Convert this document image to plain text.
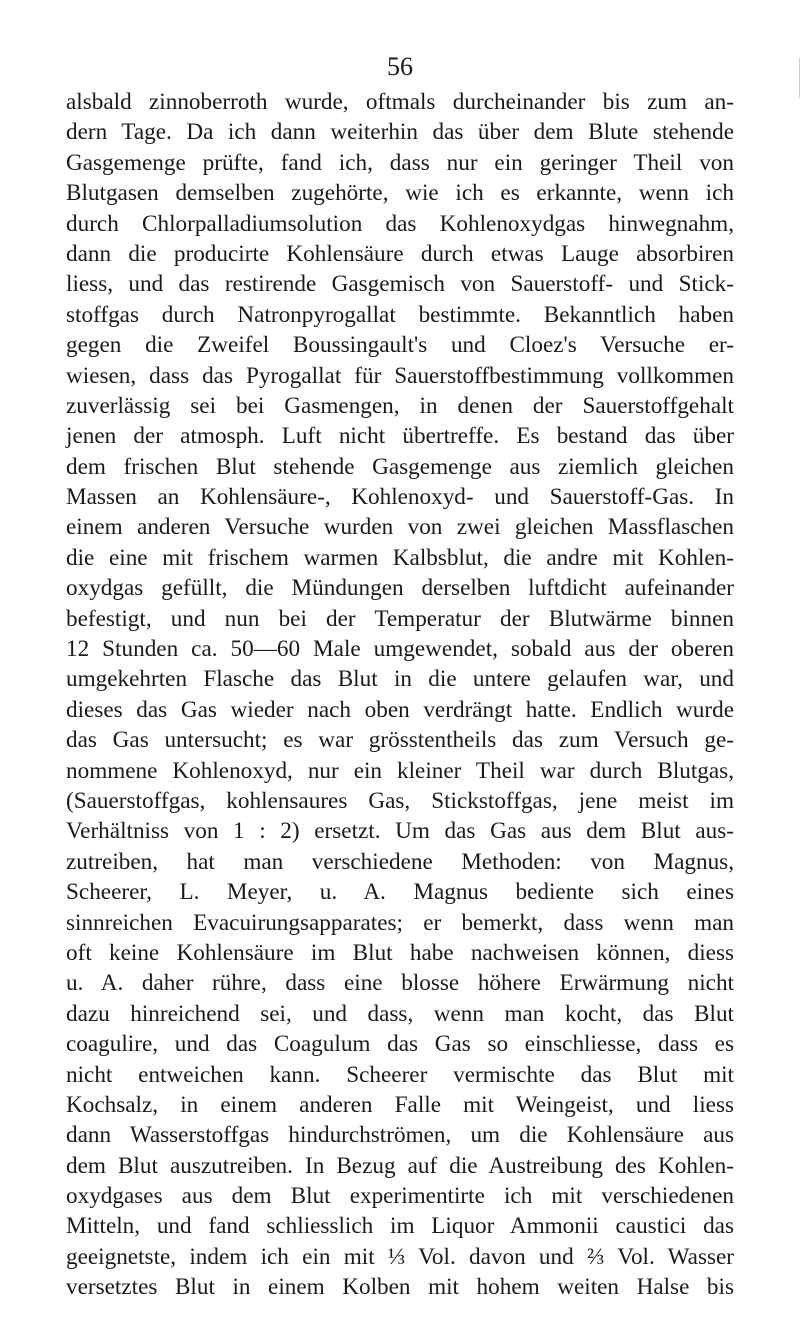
56
alsbald zinnoberroth wurde, oftmals durcheinander bis zum an-
dern Tage. Da ich dann weiterhin das über dem Blute stehende
Gasgemenge prüfte, fand ich, dass nur ein geringer Theil von
Blutgasen demselben zugehörte, wie ich es erkannte, wenn ich
durch Chlorpalladiumsolution das Kohlenoxydgas hinwegnahm,
dann die producirte Kohlensäure durch etwas Lauge absorbiren
liess, und das restirende Gasgemisch von Sauerstoff- und Stick-
stoffgas durch Natronpyrogallat bestimmte. Bekanntlich haben
gegen die Zweifel Boussingault's und Cloez's Versuche er-
wiesen, dass das Pyrogallat für Sauerstoffbestimmung vollkommen
zuverlässig sei bei Gasmengen, in denen der Sauerstoffgehalt
jenen der atmosph. Luft nicht übertreffe. Es bestand das über
dem frischen Blut stehende Gasgemenge aus ziemlich gleichen
Massen an Kohlensäure-, Kohlenoxyd- und Sauerstoff-Gas. In
einem anderen Versuche wurden von zwei gleichen Massflaschen
die eine mit frischem warmen Kalbsblut, die andre mit Kohlen-
oxydgas gefüllt, die Mündungen derselben luftdicht aufeinander
befestigt, und nun bei der Temperatur der Blutwärme binnen
12 Stunden ca. 50—60 Male umgewendet, sobald aus der oberen
umgekehrten Flasche das Blut in die untere gelaufen war, und
dieses das Gas wieder nach oben verdrängt hatte. Endlich wurde
das Gas untersucht; es war grösstentheils das zum Versuch ge-
nommene Kohlenoxyd, nur ein kleiner Theil war durch Blutgas,
(Sauerstoffgas, kohlensaures Gas, Stickstoffgas, jene meist im
Verhältniss von 1 : 2) ersetzt. Um das Gas aus dem Blut aus-
zutreiben, hat man verschiedene Methoden: von Magnus,
Scheerer, L. Meyer, u. A. Magnus bediente sich eines
sinnreichen Evacuirungsapparates; er bemerkt, dass wenn man
oft keine Kohlensäure im Blut habe nachweisen können, diess
u. A. daher rühre, dass eine blosse höhere Erwärmung nicht
dazu hinreichend sei, und dass, wenn man kocht, das Blut
coagulire, und das Coagulum das Gas so einschliesse, dass es
nicht entweichen kann. Scheerer vermischte das Blut mit
Kochsalz, in einem anderen Falle mit Weingeist, und liess
dann Wasserstoffgas hindurchströmen, um die Kohlensäure aus
dem Blut auszutreiben. In Bezug auf die Austreibung des Kohlen-
oxydgases aus dem Blut experimentirte ich mit verschiedenen
Mitteln, und fand schliesslich im Liquor Ammonii caustici das
geeignetste, indem ich ein mit ⅓ Vol. davon und ⅔ Vol. Wasser
versetztes Blut in einem Kolben mit hohem weiten Halse bis
